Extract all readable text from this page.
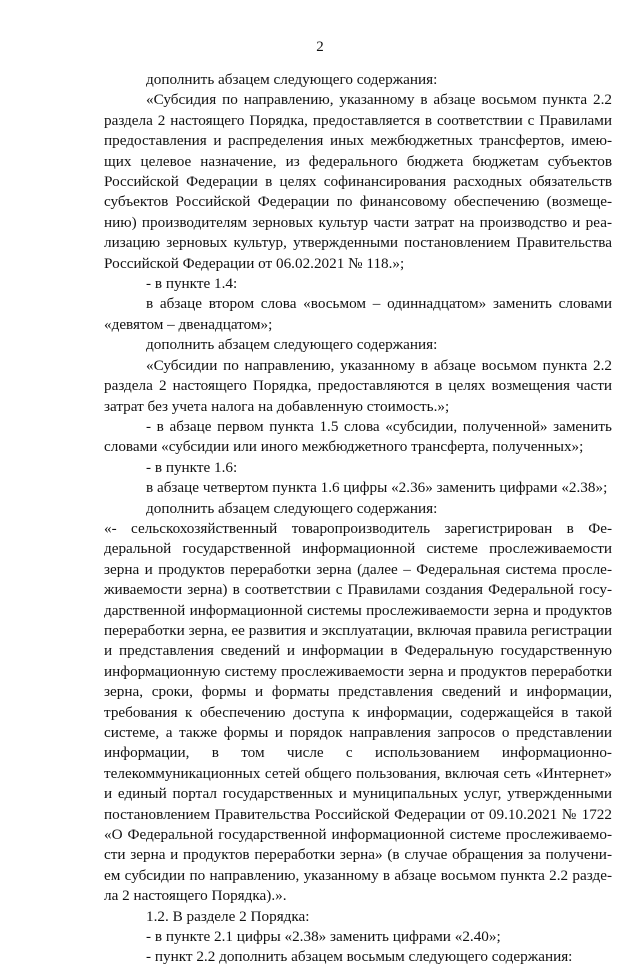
2

дополнить абзацем следующего содержания:

«Субсидия по направлению, указанному в абзаце восьмом пункта 2.2 раздела 2 настоящего Порядка, предоставляется в соответствии с Правилами предоставления и распределения иных межбюджетных трансфертов, имеющих целевое назначение, из федерального бюджета бюджетам субъектов Российской Федерации в целях софинансирования расходных обязательств субъектов Российской Федерации по финансовому обеспечению (возмещению) производителям зерновых культур части затрат на производство и реализацию зерновых культур, утвержденными постановлением Правительства Российской Федерации от 06.02.2021 № 118.»;

- в пункте 1.4:

в абзаце втором слова «восьмом – одиннадцатом» заменить словами «девятом – двенадцатом»;

дополнить абзацем следующего содержания:

«Субсидии по направлению, указанному в абзаце восьмом пункта 2.2 раздела 2 настоящего Порядка, предоставляются в целях возмещения части затрат без учета налога на добавленную стоимость.»;

- в абзаце первом пункта 1.5 слова «субсидии, полученной» заменить словами «субсидии или иного межбюджетного трансферта, полученных»;

- в пункте 1.6:

в абзаце четвертом пункта 1.6 цифры «2.36» заменить цифрами «2.38»;

дополнить абзацем следующего содержания:

«- сельскохозяйственный товаропроизводитель зарегистрирован в Федеральной государственной информационной системе прослеживаемости зерна и продуктов переработки зерна (далее – Федеральная система прослеживаемости зерна) в соответствии с Правилами создания Федеральной государственной информационной системы прослеживаемости зерна и продуктов переработки зерна, ее развития и эксплуатации, включая правила регистрации и представления сведений и информации в Федеральную государственную информационную систему прослеживаемости зерна и продуктов переработки зерна, сроки, формы и форматы представления сведений и информации, требования к обеспечению доступа к информации, содержащейся в такой системе, а также формы и порядок направления запросов о представлении информации, в том числе с использованием информационно-телекоммуникационных сетей общего пользования, включая сеть «Интернет» и единый портал государственных и муниципальных услуг, утвержденными постановлением Правительства Российской Федерации от 09.10.2021 № 1722 «О Федеральной государственной информационной системе прослеживаемости зерна и продуктов переработки зерна» (в случае обращения за получением субсидии по направлению, указанному в абзаце восьмом пункта 2.2 раздела 2 настоящего Порядка).».

1.2. В разделе 2 Порядка:

- в пункте 2.1 цифры «2.38» заменить цифрами «2.40»;

- пункт 2.2 дополнить абзацем восьмым следующего содержания:
